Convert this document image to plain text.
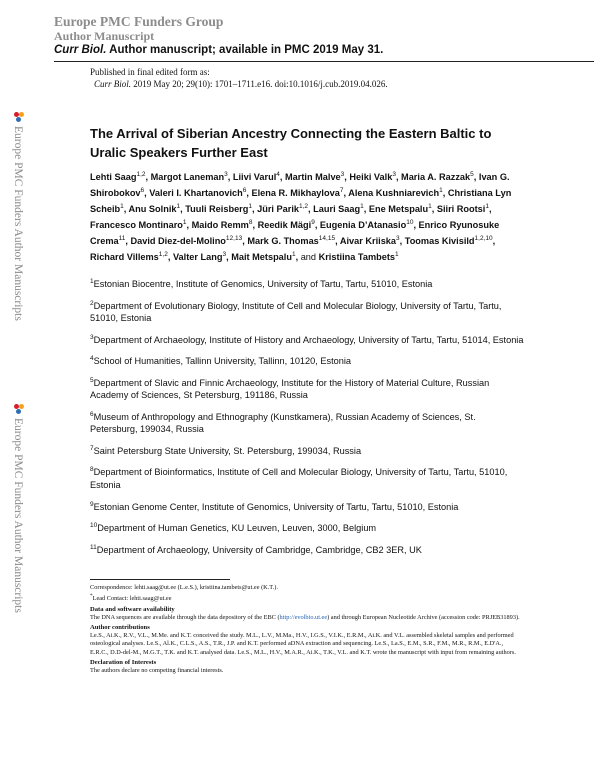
Europe PMC Funders Group
Author Manuscript
Curr Biol. Author manuscript; available in PMC 2019 May 31.
Published in final edited form as:
Curr Biol. 2019 May 20; 29(10): 1701–1711.e16. doi:10.1016/j.cub.2019.04.026.
Europe PMC Funders Author Manuscripts
Europe PMC Funders Author Manuscripts
The Arrival of Siberian Ancestry Connecting the Eastern Baltic to Uralic Speakers Further East
Lehti Saag$^{1,2}$, Margot Laneman$^3$, Liivi Varul$^4$, Martin Malve$^3$, Heiki Valk$^3$, Maria A. Razzak$^5$, Ivan G. Shirobokov$^6$, Valeri I. Khartanovich$^6$, Elena R. Mikhaylova$^7$, Alena Kushniarevich$^1$, Christiana Lyn Scheib$^1$, Anu Solnik$^1$, Tuuli Reisberg$^1$, Jüri Parik$^{1,2}$, Lauri Saag$^1$, Ene Metspalu$^1$, Siiri Rootsi$^1$, Francesco Montinaro$^1$, Maido Remm$^8$, Reedik Mägi$^9$, Eugenia D’Atanasio$^{10}$, Enrico Ryunosuke Crema$^{11}$, David Diez-del-Molino$^{12,13}$, Mark G. Thomas$^{14,15}$, Aivar Kriiska$^3$, Toomas Kivisild$^{1,2,10}$, Richard Villems$^{1,2}$, Valter Lang$^3$, Mait Metspalu$^1$, and Kristiina Tambets$^1$
$^1$Estonian Biocentre, Institute of Genomics, University of Tartu, Tartu, 51010, Estonia
$^2$Department of Evolutionary Biology, Institute of Cell and Molecular Biology, University of Tartu, Tartu, 51010, Estonia
$^3$Department of Archaeology, Institute of History and Archaeology, University of Tartu, Tartu, 51014, Estonia
$^4$School of Humanities, Tallinn University, Tallinn, 10120, Estonia
$^5$Department of Slavic and Finnic Archaeology, Institute for the History of Material Culture, Russian Academy of Sciences, St Petersburg, 191186, Russia
$^6$Museum of Anthropology and Ethnography (Kunstkamera), Russian Academy of Sciences, St. Petersburg, 199034, Russia
$^7$Saint Petersburg State University, St. Petersburg, 199034, Russia
$^8$Department of Bioinformatics, Institute of Cell and Molecular Biology, University of Tartu, Tartu, 51010, Estonia
$^9$Estonian Genome Center, Institute of Genomics, University of Tartu, Tartu, 51010, Estonia
$^{10}$Department of Human Genetics, KU Leuven, Leuven, 3000, Belgium
$^{11}$Department of Archaeology, University of Cambridge, Cambridge, CB2 3ER, UK
Correspondence: lehti.saag@ut.ee (L.e.S.), kristiina.tambets@ut.ee (K.T.).
*Lead Contact: lehti.saag@ut.ee
Data and software availability
The DNA sequences are available through the data depository of the EBC (http://evolbio.ut.ee) and through European Nucleotide Archive (accession code: PRJEB31893).
Author contributions
Le.S., Ai.K., R.V., V.L., M.Me. and K.T. conceived the study. M.L., L.V., M.Ma., H.V., I.G.S., V.I.K., E.R.M., Ai.K. and V.L. assembled skeletal samples and performed osteological analyses. Le.S., Al.K., C.L.S., A.S., T.R., J.P. and K.T. performed aDNA extraction and sequencing. Le.S., La.S., E.M., S.R., F.M., M.R., R.M., E.D'A., E.R.C., D.D-del-M., M.G.T., T.K. and K.T. analysed data. Le.S., M.L., H.V., M.A.R., Ai.K., T.K., V.L. and K.T. wrote the manuscript with input from remaining authors.
Declaration of Interests
The authors declare no competing financial interests.
